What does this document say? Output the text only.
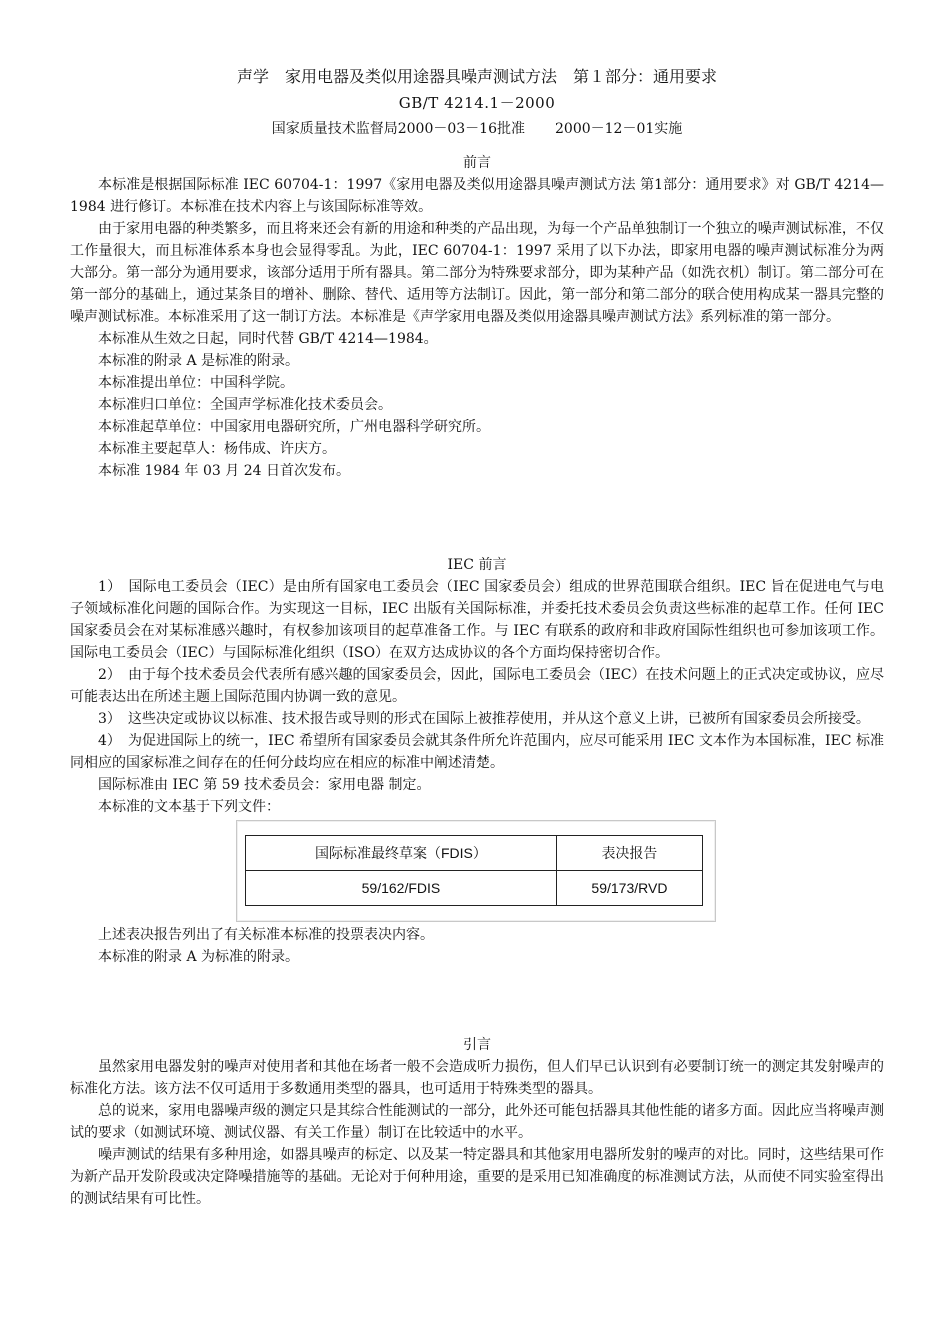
声学　家用电器及类似用途器具噪声测试方法　第１部分：通用要求
GB/T 4214.1－2000
国家质量技术监督局2000－03－16批准 2000－12－01实施
前言

本标准是根据国际标准 IEC 60704-1：1997《家用电器及类似用途器具噪声测试方法 第1部分：通用要求》对 GB/T 4214—1984 进行修订。本标准在技术内容上与该国际标准等效。

由于家用电器的种类繁多，而且将来还会有新的用途和种类的产品出现，为每一个产品单独制订一个独立的噪声测试标准，不仅工作量很大，而且标准体系本身也会显得零乱。为此，IEC 60704-1：1997 采用了以下办法，即家用电器的噪声测试标准分为两大部分。第一部分为通用要求，该部分适用于所有器具。第二部分为特殊要求部分，即为某种产品（如洗衣机）制订。第二部分可在第一部分的基础上，通过某条目的增补、删除、替代、适用等方法制订。因此，第一部分和第二部分的联合使用构成某一器具完整的噪声测试标准。本标准采用了这一制订方法。本标准是《声学家用电器及类似用途器具噪声测试方法》系列标准的第一部分。

本标准从生效之日起，同时代替 GB/T 4214—1984。

本标准的附录 A 是标准的附录。

本标准提出单位：中国科学院。

本标准归口单位：全国声学标准化技术委员会。

本标准起草单位：中国家用电器研究所，广州电器科学研究所。

本标准主要起草人：杨伟成、许庆方。

本标准 1984 年 03 月 24 日首次发布。

IEC 前言

1）　国际电工委员会（IEC）是由所有国家电工委员会（IEC 国家委员会）组成的世界范围联合组织。IEC 旨在促进电气与电子领域标准化问题的国际合作。为实现这一目标，IEC 出版有关国际标准，并委托技术委员会负责这些标准的起草工作。任何 IEC 国家委员会在对某标准感兴趣时，有权参加该项目的起草准备工作。与 IEC 有联系的政府和非政府国际性组织也可参加该项工作。国际电工委员会（IEC）与国际标准化组织（ISO）在双方达成协议的各个方面均保持密切合作。

2）　由于每个技术委员会代表所有感兴趣的国家委员会，因此，国际电工委员会（IEC）在技术问题上的正式决定或协议，应尽可能表达出在所述主题上国际范围内协调一致的意见。

3）　这些决定或协议以标准、技术报告或导则的形式在国际上被推荐使用，并从这个意义上讲，已被所有国家委员会所接受。

4）　为促进国际上的统一，IEC 希望所有国家委员会就其条件所允许范围内，应尽可能采用 IEC 文本作为本国标准，IEC 标准同相应的国家标准之间存在的任何分歧均应在相应的标准中阐述清楚。

国际标准由 IEC 第 59 技术委员会：家用电器 制定。

本标准的文本基于下列文件：

国际标准最终草案（FDIS）	表决报告
59/162/FDIS	59/173/RVD

上述表决报告列出了有关标准本标准的投票表决内容。

本标准的附录 A 为标准的附录。

引言

虽然家用电器发射的噪声对使用者和其他在场者一般不会造成听力损伤，但人们早已认识到有必要制订统一的测定其发射噪声的标准化方法。该方法不仅可适用于多数通用类型的器具，也可适用于特殊类型的器具。

总的说来，家用电器噪声级的测定只是其综合性能测试的一部分，此外还可能包括器具其他性能的诸多方面。因此应当将噪声测试的要求（如测试环境、测试仪器、有关工作量）制订在比较适中的水平。

噪声测试的结果有多种用途，如器具噪声的标定、以及某一特定器具和其他家用电器所发射的噪声的对比。同时，这些结果可作为新产品开发阶段或决定降噪措施等的基础。无论对于何种用途，重要的是采用已知准确度的标准测试方法，从而使不同实验室得出的测试结果有可比性。
